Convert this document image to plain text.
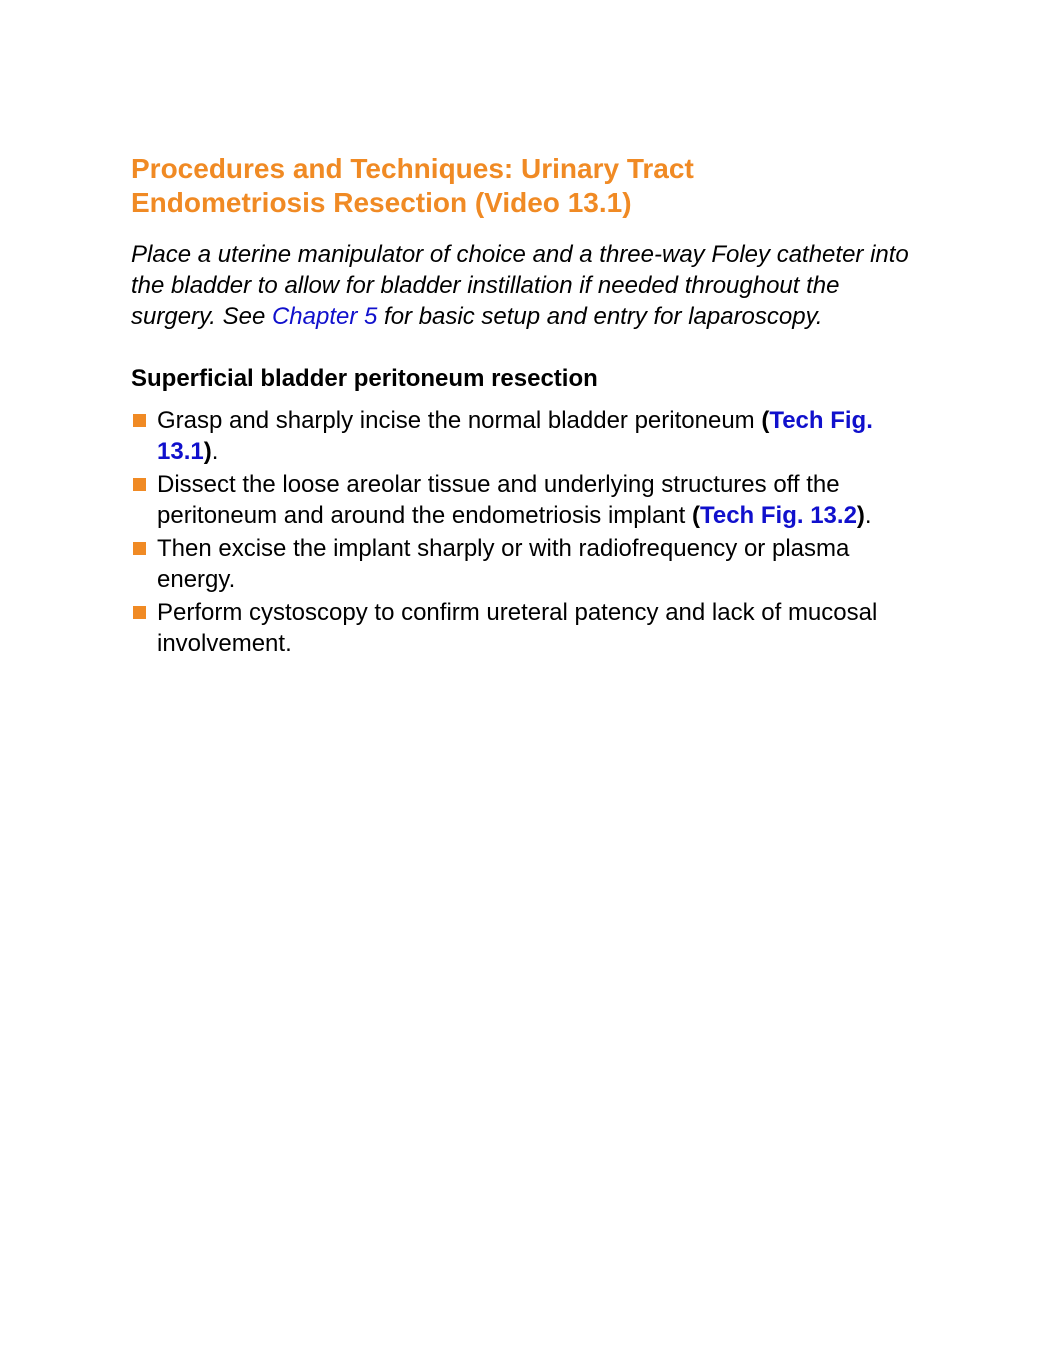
Procedures and Techniques: Urinary Tract
Endometriosis Resection (Video 13.1)

Place a uterine manipulator of choice and a three-way Foley catheter into the bladder to allow for bladder instillation if needed throughout the surgery. See Chapter 5 for basic setup and entry for laparoscopy.

Superficial bladder peritoneum resection
Grasp and sharply incise the normal bladder peritoneum (Tech Fig. 13.1).
Dissect the loose areolar tissue and underlying structures off the peritoneum and around the endometriosis implant (Tech Fig. 13.2).
Then excise the implant sharply or with radiofrequency or plasma energy.
Perform cystoscopy to confirm ureteral patency and lack of mucosal involvement.
